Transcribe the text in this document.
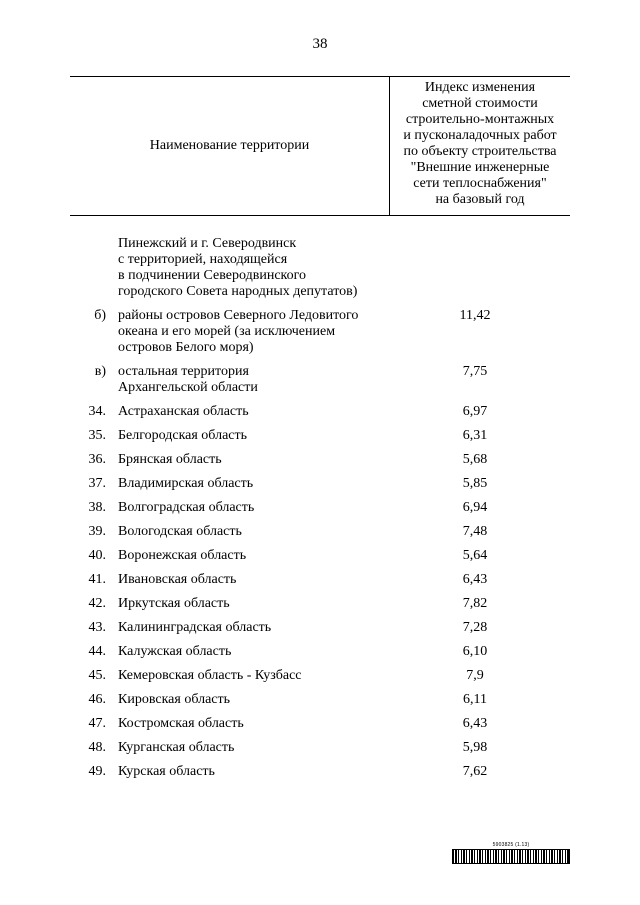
38
Наименование территории
Индекс изменения
сметной стоимости
строительно-монтажных
и пусконаладочных работ
по объекту строительства
"Внешние инженерные
сети теплоснабжения"
на базовый год
Пинежский и г. Северодвинск
с территорией, находящейся
в подчинении Северодвинского
городского Совета народных депутатов)
б) районы островов Северного Ледовитого
океана и его морей (за исключением
островов Белого моря)
11,42
в) остальная территория
Архангельской области
7,75
34. Астраханская область	6,97
35. Белгородская область	6,31
36. Брянская область	5,68
37. Владимирская область	5,85
38. Волгоградская область	6,94
39. Вологодская область	7,48
40. Воронежская область	5,64
41. Ивановская область	6,43
42. Иркутская область	7,82
43. Калининградская область	7,28
44. Калужская область	6,10
45. Кемеровская область - Кузбасс	7,9
46. Кировская область	6,11
47. Костромская область	6,43
48. Курганская область	5,98
49. Курская область	7,62
5903825 (1.13)
